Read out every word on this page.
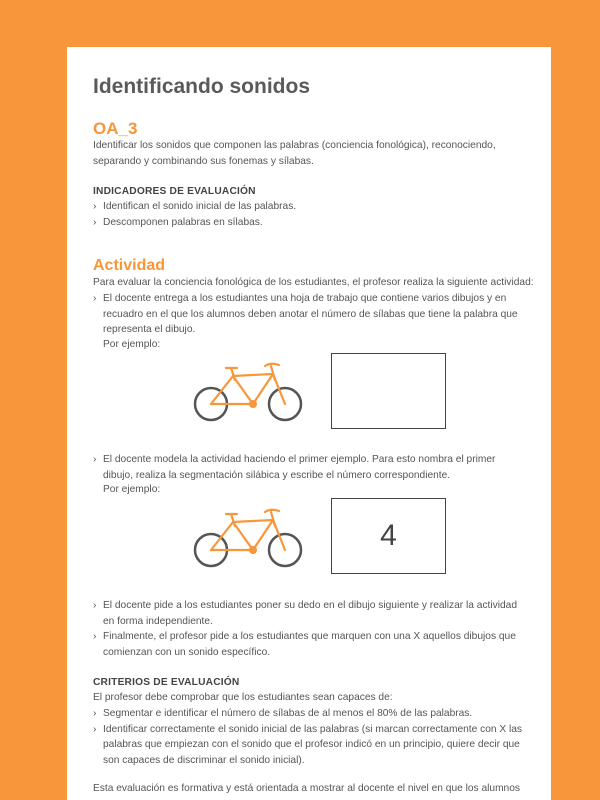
Identificando sonidos
OA_3

Identificar los sonidos que componen las palabras (conciencia fonológica), reconociendo, separando y combinando sus fonemas y sílabas.

INDICADORES DE EVALUACIÓN
› Identifican el sonido inicial de las palabras.
› Descomponen palabras en sílabas.
Actividad

Para evaluar la conciencia fonológica de los estudiantes, el profesor realiza la siguiente actividad:

› El docente entrega a los estudiantes una hoja de trabajo que contiene varios dibujos y en recuadro en el que los alumnos deben anotar el número de sílabas que tiene la palabra que representa el dibujo.
Por ejemplo:
› El docente modela la actividad haciendo el primer ejemplo. Para esto nombra el primer dibujo, realiza la segmentación silábica y escribe el número correspondiente.
Por ejemplo:
4
› El docente pide a los estudiantes poner su dedo en el dibujo siguiente y realizar la actividad en forma independiente.
› Finalmente, el profesor pide a los estudiantes que marquen con una X aquellos dibujos que comienzan con un sonido específico.
CRITERIOS DE EVALUACIÓN

El profesor debe comprobar que los estudiantes sean capaces de:

› Segmentar e identificar el número de sílabas de al menos el 80% de las palabras.
› Identificar correctamente el sonido inicial de las palabras (si marcan correctamente con X las palabras que empiezan con el sonido que el profesor indicó en un principio, quiere decir que son capaces de discriminar el sonido inicial).

Esta evaluación es formativa y está orientada a mostrar al docente el nivel en que los alumnos
